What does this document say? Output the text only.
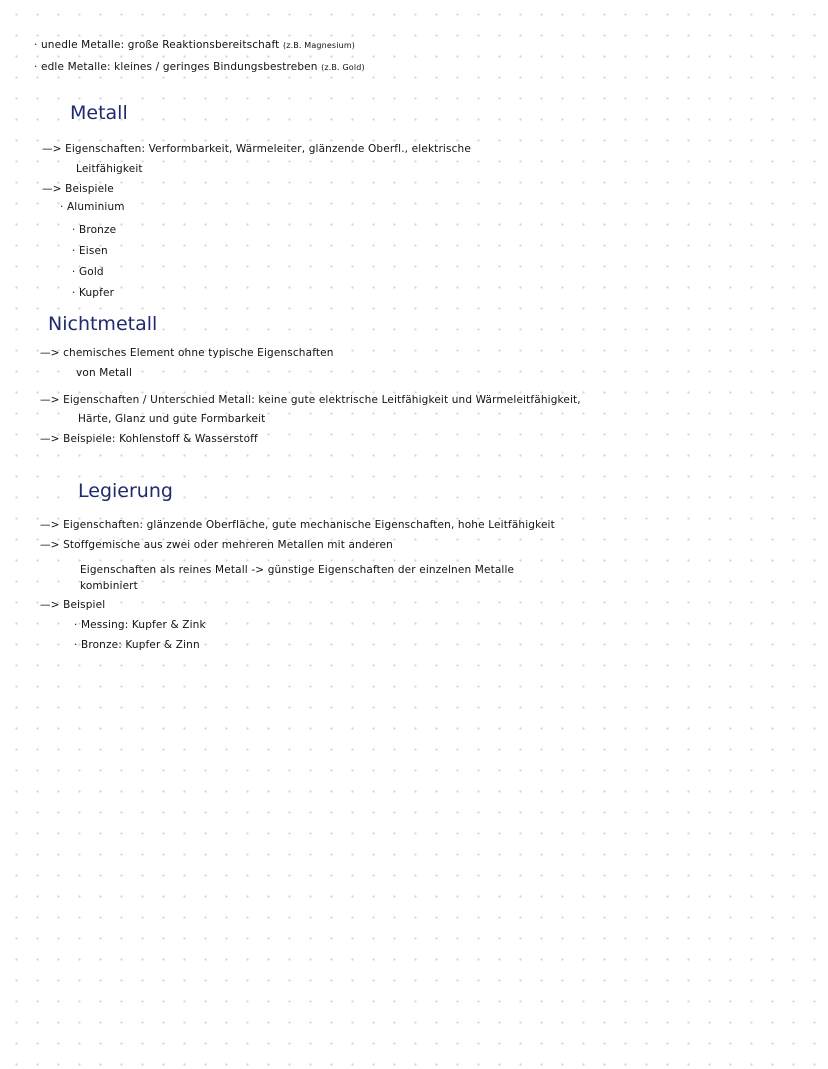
· unedle Metalle: große Reaktionsbereitschaft (z.B. Magnesium)
· edle Metalle: kleines / geringes Bindungsbestreben (z.B. Gold)
Metall
—> Eigenschaften: Verformbarkeit, Wärmeleiter, glänzende Oberfl., elektrische
Leitfähigkeit
—> Beispiele
· Aluminium
· Bronze
· Eisen
· Gold
· Kupfer
Nichtmetall
—> chemisches Element ohne typische Eigenschaften
von Metall
—> Eigenschaften / Unterschied Metall: keine gute elektrische Leitfähigkeit und Wärmeleitfähigkeit,
Härte, Glanz und gute Formbarkeit
—> Beispiele: Kohlenstoff & Wasserstoff
Legierung
—> Eigenschaften: glänzende Oberfläche, gute mechanische Eigenschaften, hohe Leitfähigkeit
—> Stoffgemische aus zwei oder mehreren Metallen mit anderen
Eigenschaften als reines Metall -> günstige Eigenschaften der einzelnen Metalle
kombiniert
—> Beispiel
· Messing: Kupfer & Zink
· Bronze: Kupfer & Zinn
